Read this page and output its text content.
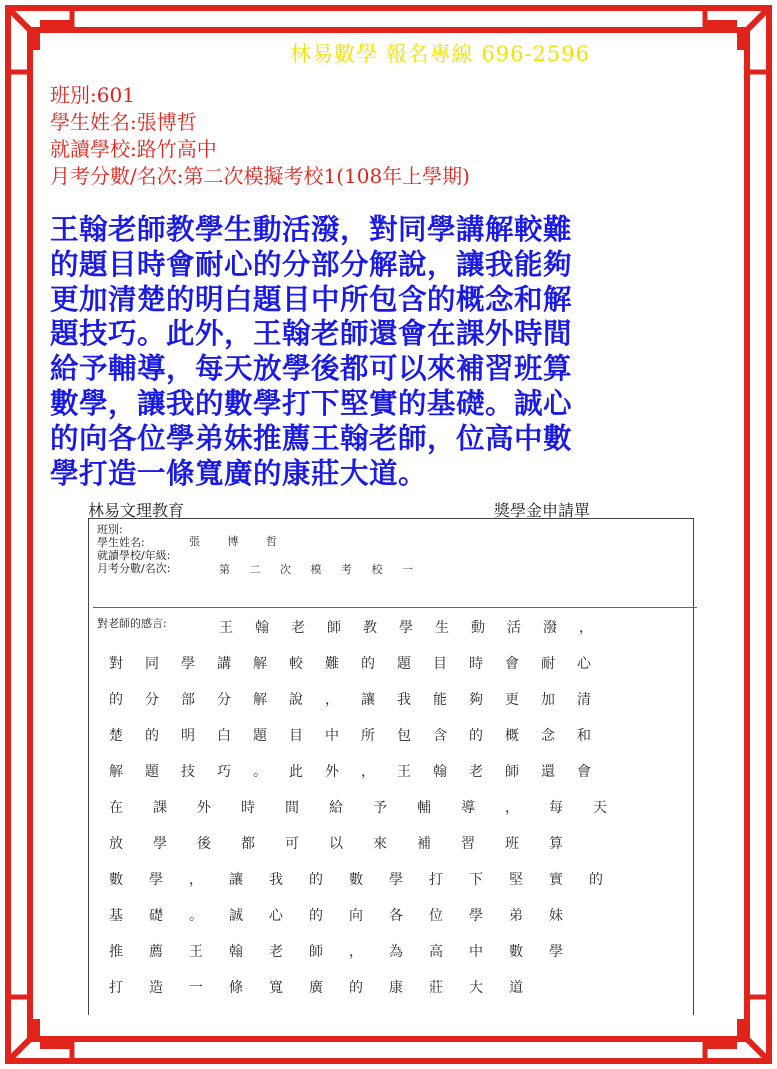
林易數學 報名專線 696-2596
班別:601
學生姓名:張博哲
就讀學校:路竹高中
月考分數/名次:第二次模擬考校1(108年上學期)
王翰老師教學生動活潑，對同學講解較難
的題目時會耐心的分部分解說，讓我能夠
更加清楚的明白題目中所包含的概念和解
題技巧。此外，王翰老師還會在課外時間
給予輔導，每天放學後都可以來補習班算
數學，讓我的數學打下堅實的基礎。誠心
的向各位學弟妹推薦王翰老師，位高中數
學打造一條寬廣的康莊大道。
林易文理教育	獎學金申請單
班別:
學生姓名:	張 博 哲
就讀學校/年級:
月考分數/名次:	第 二 次 模 考 校 一
對老師的感言:	王翰老師教學生動活潑，
對同學講解較難的題目時會耐心
的分部分解說，讓我能夠更加清
楚的明白題目中所包含的概念和
解題技巧。此外，王翰老師還會
在課外時間給予輔導，每天
放學後都可以來補習班算
數學，讓我的數學打下堅實的
基礎。誠心的向各位學弟妹
推薦王翰老師，為高中數學
打造一條寬廣的康莊大道
